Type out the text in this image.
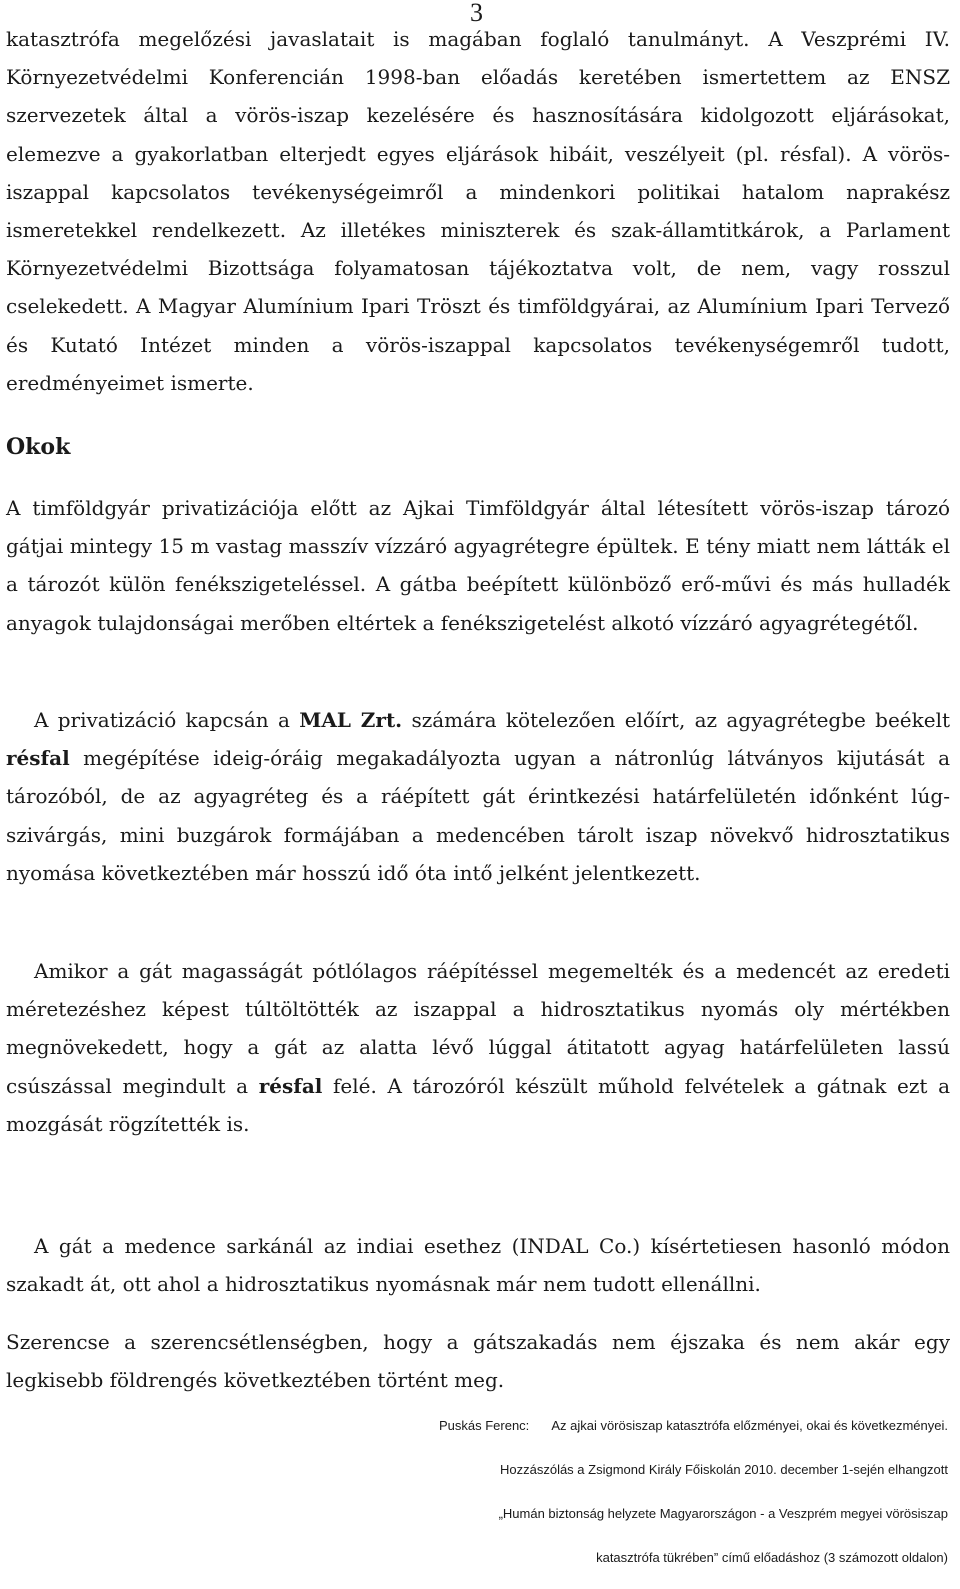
3

katasztrófa megelőzési javaslatait is magában foglaló tanulmányt. A Veszprémi IV. Környezetvédelmi Konferencián 1998-ban előadás keretében ismertettem az ENSZ szervezetek által a vörös-iszap kezelésére és hasznosítására kidolgozott eljárásokat, elemezve a gyakorlatban elterjedt egyes eljárások hibáit, veszélyeit (pl. résfal). A vörös-iszappal kapcsolatos tevékenységeimről a mindenkori politikai hatalom naprakész ismeretekkel rendelkezett. Az illetékes miniszterek és szak-államtitkárok, a Parlament Környezetvédelmi Bizottsága folyamatosan tájékoztatva volt, de nem, vagy rosszul cselekedett. A Magyar Alumínium Ipari Tröszt és timföldgyárai, az Alumínium Ipari Tervező és Kutató Intézet minden a vörös-iszappal kapcsolatos tevékenységemről tudott, eredményeimet ismerte.

Okok

A timföldgyár privatizációja előtt az Ajkai Timföldgyár által létesített vörös-iszap tározó gátjai mintegy 15 m vastag masszív vízzáró agyagrétegre épültek. E tény miatt nem látták el a tározót külön fenékszigeteléssel. A gátba beépített különböző erő-művi és más hulladék anyagok tulajdonságai merőben eltértek a fenékszigetelést alkotó vízzáró agyagrétegétől.

A privatizáció kapcsán a MAL Zrt. számára kötelezően előírt, az agyagrétegbe beékelt résfal megépítése ideig-óráig megakadályozta ugyan a nátronlúg látványos kijutását a tározóból, de az agyagréteg és a ráépített gát érintkezési határfelületén időnként lúg-szivárgás, mini buzgárok formájában a medencében tárolt iszap növekvő hidrosztatikus nyomása következtében már hosszú idő óta intő jelként jelentkezett.

Amikor a gát magasságát pótlólagos ráépítéssel megemelték és a medencét az eredeti méretezéshez képest túltöltötték az iszappal a hidrosztatikus nyomás oly mértékben megnövekedett, hogy a gát az alatta lévő lúggal átitatott agyag határfelületen lassú csúszással megindult a résfal felé. A tározóról készült műhold felvételek a gátnak ezt a mozgását rögzítették is.

A gát a medence sarkánál az indiai esethez (INDAL Co.) kísértetiesen hasonló módon szakadt át, ott ahol a hidrosztatikus nyomásnak már nem tudott ellenállni.

Szerencse a szerencsétlenségben, hogy a gátszakadás nem éjszaka és nem akár egy legkisebb földrengés következtében történt meg.

Puskás Ferenc: Az ajkai vörösiszap katasztrófa előzményei, okai és következményei.

Hozzászólás a Zsigmond Király Főiskolán 2010. december 1-sején elhangzott

„Humán biztonság helyzete Magyarországon - a Veszprém megyei vörösiszap

katasztrófa tükrében” című előadáshoz (3 számozott oldalon)
